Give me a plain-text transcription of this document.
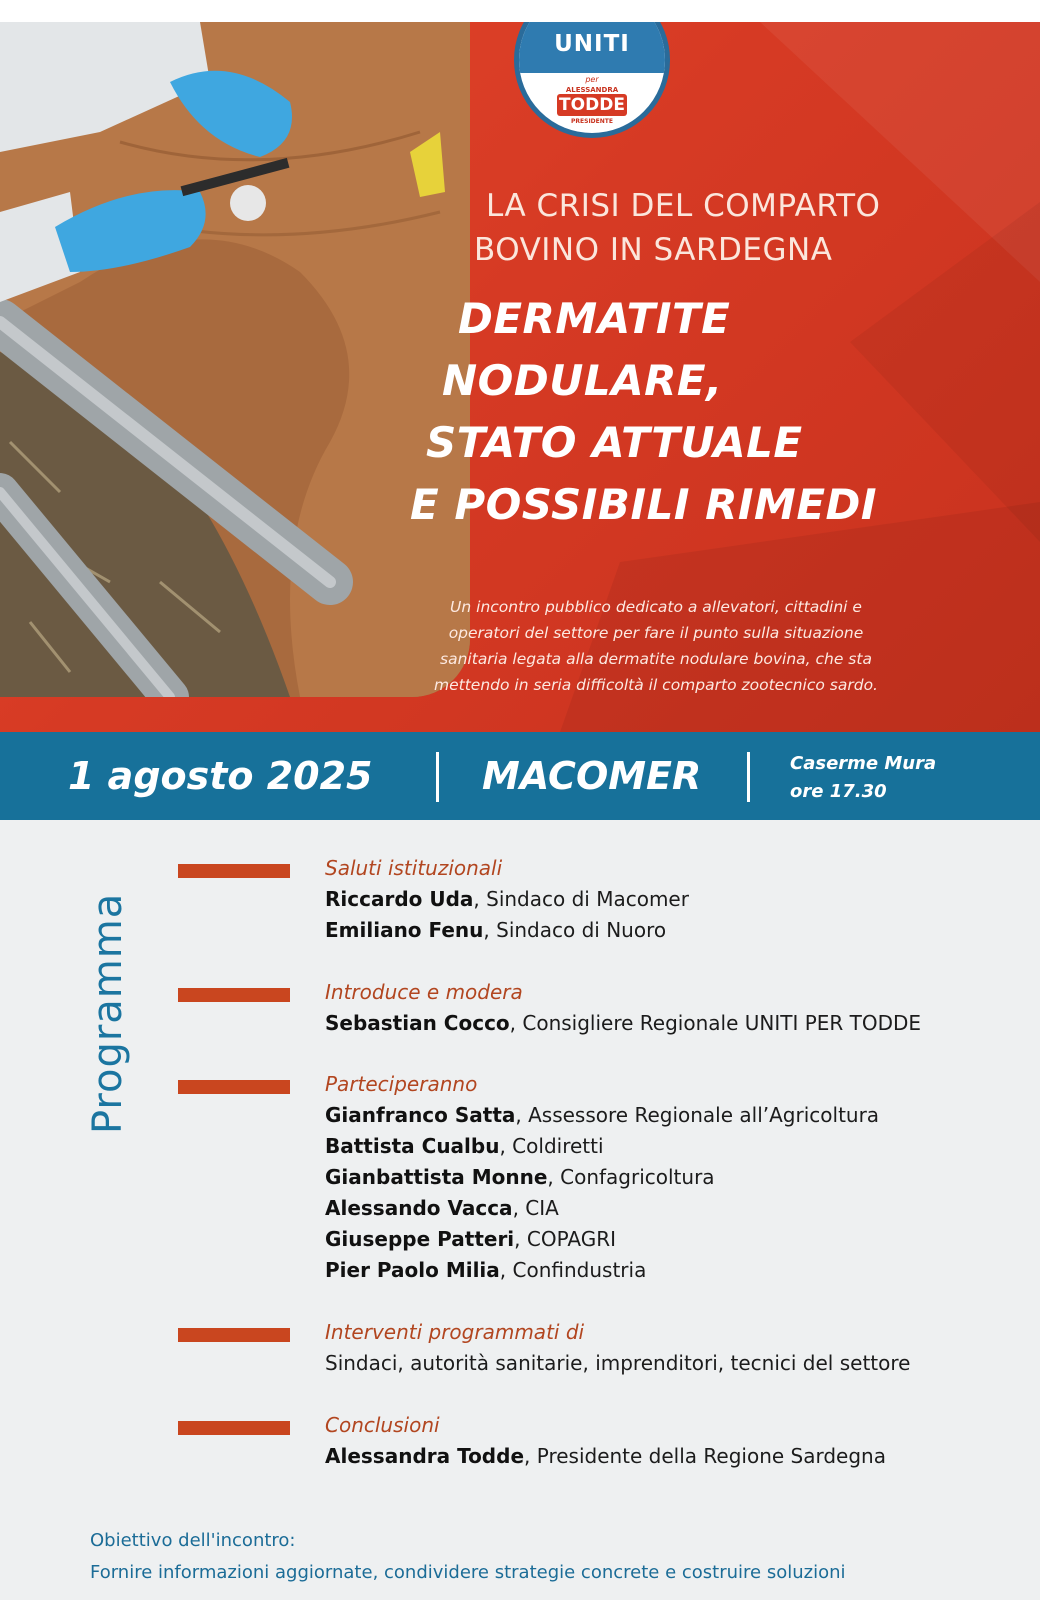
UNITI
per
ALESSANDRA
TODDE
PRESIDENTE
LA CRISI DEL COMPARTO
BOVINO IN SARDEGNA
DERMATITE
NODULARE,
STATO ATTUALE
E POSSIBILI RIMEDI
Un incontro pubblico dedicato a allevatori, cittadini e
operatori del settore per fare il punto sulla situazione
sanitaria legata alla dermatite nodulare bovina, che sta
mettendo in seria difficoltà il comparto zootecnico sardo.
1 agosto 2025	MACOMER	Caserme Mura
ore 17.30
Programma
Saluti istituzionali
Riccardo Uda, Sindaco di Macomer
Emiliano Fenu, Sindaco di Nuoro
Introduce e modera
Sebastian Cocco, Consigliere Regionale UNITI PER TODDE
Parteciperanno
Gianfranco Satta, Assessore Regionale all’Agricoltura
Battista Cualbu, Coldiretti
Gianbattista Monne, Confagricoltura
Alessando Vacca, CIA
Giuseppe Patteri, COPAGRI
Pier Paolo Milia, Confindustria
Interventi programmati di
Sindaci, autorità sanitarie, imprenditori, tecnici del settore
Conclusioni
Alessandra Todde, Presidente della Regione Sardegna
Obiettivo dell'incontro:
Fornire informazioni aggiornate, condividere strategie concrete e costruire soluzioni
